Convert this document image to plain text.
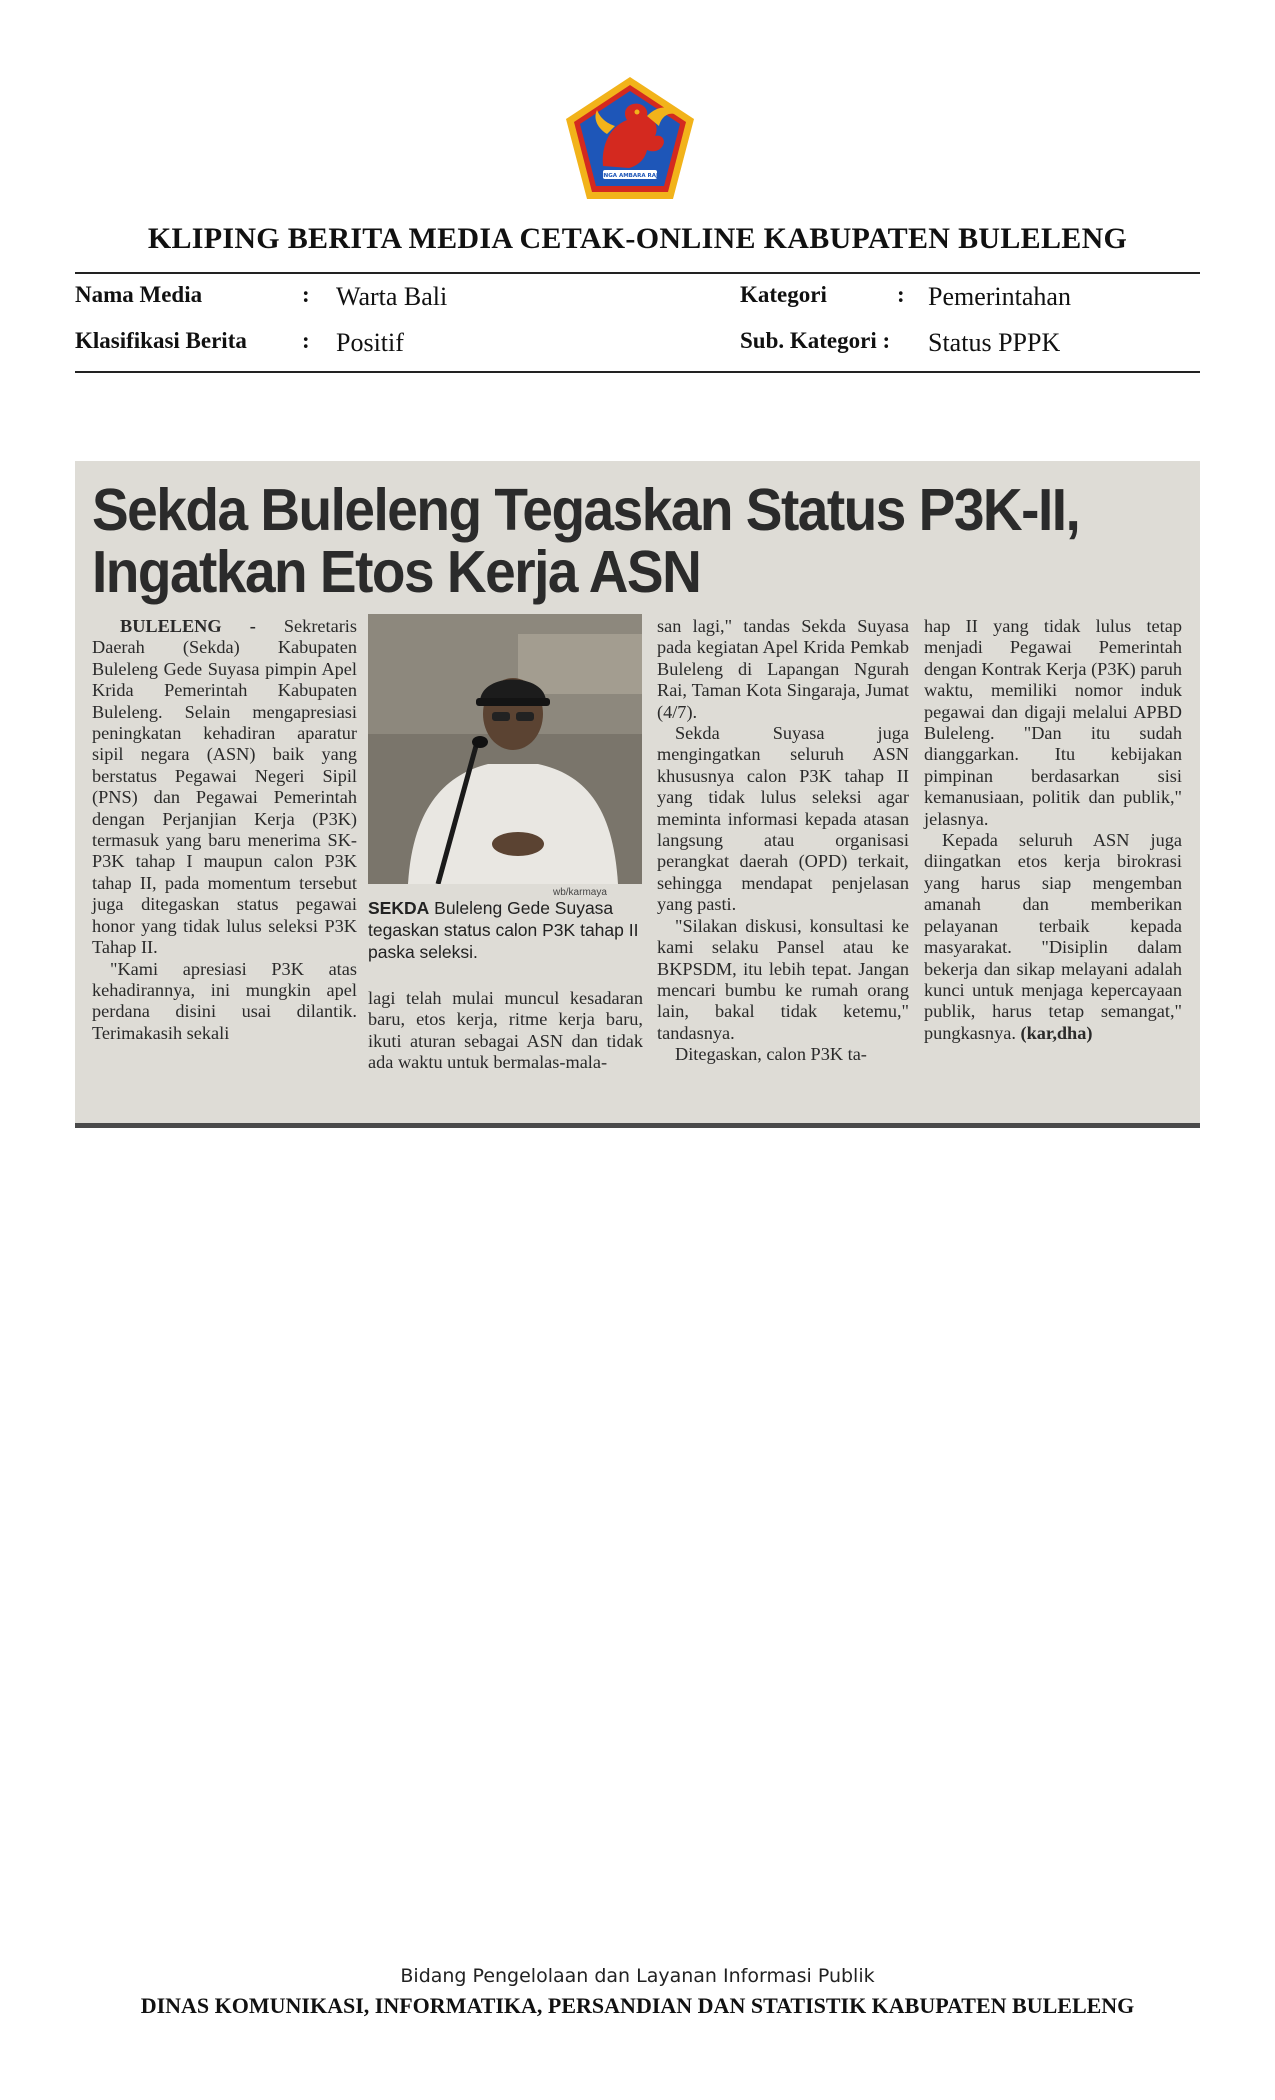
SINGA AMBARA RAJA
KLIPING BERITA MEDIA CETAK-ONLINE KABUPATEN BULELENG
Nama Media	: Warta Bali	Kategori	: Pemerintahan
Klasifikasi Berita : Positif	Sub. Kategori : Status PPPK
Sekda Buleleng Tegaskan Status P3K-II,
Ingatkan Etos Kerja ASN

BULELENG - Sekretaris Daerah (Sekda) Kabupaten Buleleng Gede Suyasa pimpin Apel Krida Pemerintah Kabupaten Buleleng. Selain mengapresiasi peningkatan kehadiran aparatur sipil negara (ASN) baik yang berstatus Pegawai Negeri Sipil (PNS) dan Pegawai Pemerintah dengan Perjanjian Kerja (P3K) termasuk yang baru menerima SK-P3K tahap I maupun calon P3K tahap II, pada momentum tersebut juga ditegaskan status pegawai honor yang tidak lulus seleksi P3K Tahap II.

"Kami apresiasi P3K atas kehadirannya, ini mungkin apel perdana disini usai dilantik. Terimakasih sekali

wb/karmaya
SEKDA Buleleng Gede Suyasa tegaskan status calon P3K tahap II paska seleksi.

lagi telah mulai muncul kesadaran baru, etos kerja, ritme kerja baru, ikuti aturan sebagai ASN dan tidak ada waktu untuk bermalas-mala-

san lagi," tandas Sekda Suyasa pada kegiatan Apel Krida Pemkab Buleleng di Lapangan Ngurah Rai, Taman Kota Singaraja, Jumat (4/7).

Sekda Suyasa juga mengingatkan seluruh ASN khususnya calon P3K tahap II yang tidak lulus seleksi agar meminta informasi kepada atasan langsung atau organisasi perangkat daerah (OPD) terkait, sehingga mendapat penjelasan yang pasti.

"Silakan diskusi, konsultasi ke kami selaku Pansel atau ke BKPSDM, itu lebih tepat. Jangan mencari bumbu ke rumah orang lain, bakal tidak ketemu," tandasnya.

Ditegaskan, calon P3K ta-

hap II yang tidak lulus tetap menjadi Pegawai Pemerintah dengan Kontrak Kerja (P3K) paruh waktu, memiliki nomor induk pegawai dan digaji melalui APBD Buleleng. "Dan itu sudah dianggarkan. Itu kebijakan pimpinan berdasarkan sisi kemanusiaan, politik dan publik," jelasnya.

Kepada seluruh ASN juga diingatkan etos kerja birokrasi yang harus siap mengemban amanah dan memberikan pelayanan terbaik kepada masyarakat. "Disiplin dalam bekerja dan sikap melayani adalah kunci untuk menjaga kepercayaan publik, harus tetap semangat," pungkasnya. (kar,dha)

Bidang Pengelolaan dan Layanan Informasi Publik
DINAS KOMUNIKASI, INFORMATIKA, PERSANDIAN DAN STATISTIK KABUPATEN BULELENG
